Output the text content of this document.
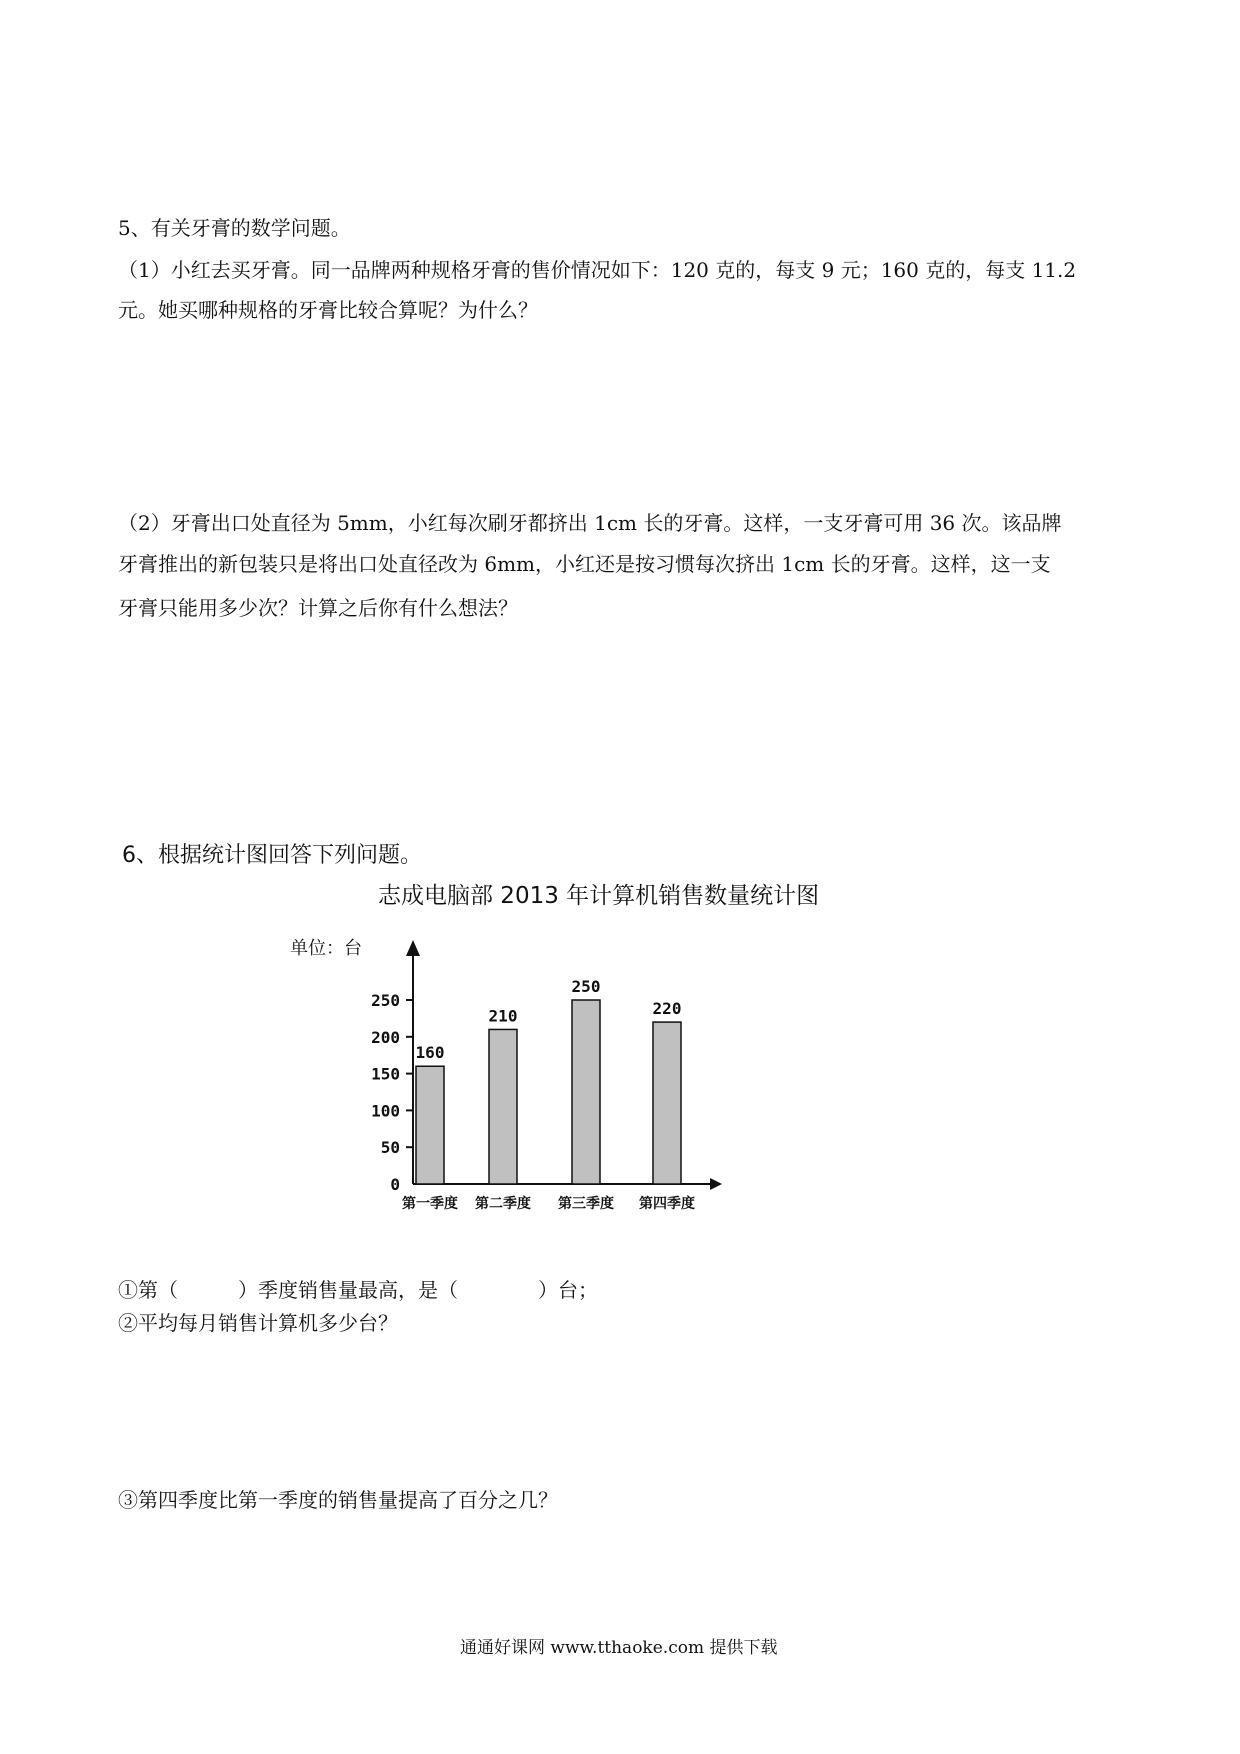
5、有关牙膏的数学问题。
（1）小红去买牙膏。同一品牌两种规格牙膏的售价情况如下：120 克的，每支 9 元；160 克的，每支 11.2
元。她买哪种规格的牙膏比较合算呢？为什么？
（2）牙膏出口处直径为 5mm，小红每次刷牙都挤出 1cm 长的牙膏。这样，一支牙膏可用 36 次。该品牌
牙膏推出的新包装只是将出口处直径改为 6mm，小红还是按习惯每次挤出 1cm 长的牙膏。这样，这一支
牙膏只能用多少次？计算之后你有什么想法？
6、根据统计图回答下列问题。
志成电脑部 2013 年计算机销售数量统计图
单位：台
0
50
100
150
200
250
160
第一季度
210
第二季度
250
第三季度
220
第四季度
①第（　　　）季度销售量最高，是（　　　　）台；
②平均每月销售计算机多少台？
③第四季度比第一季度的销售量提高了百分之几？
通通好课网 www.tthaoke.com 提供下载
